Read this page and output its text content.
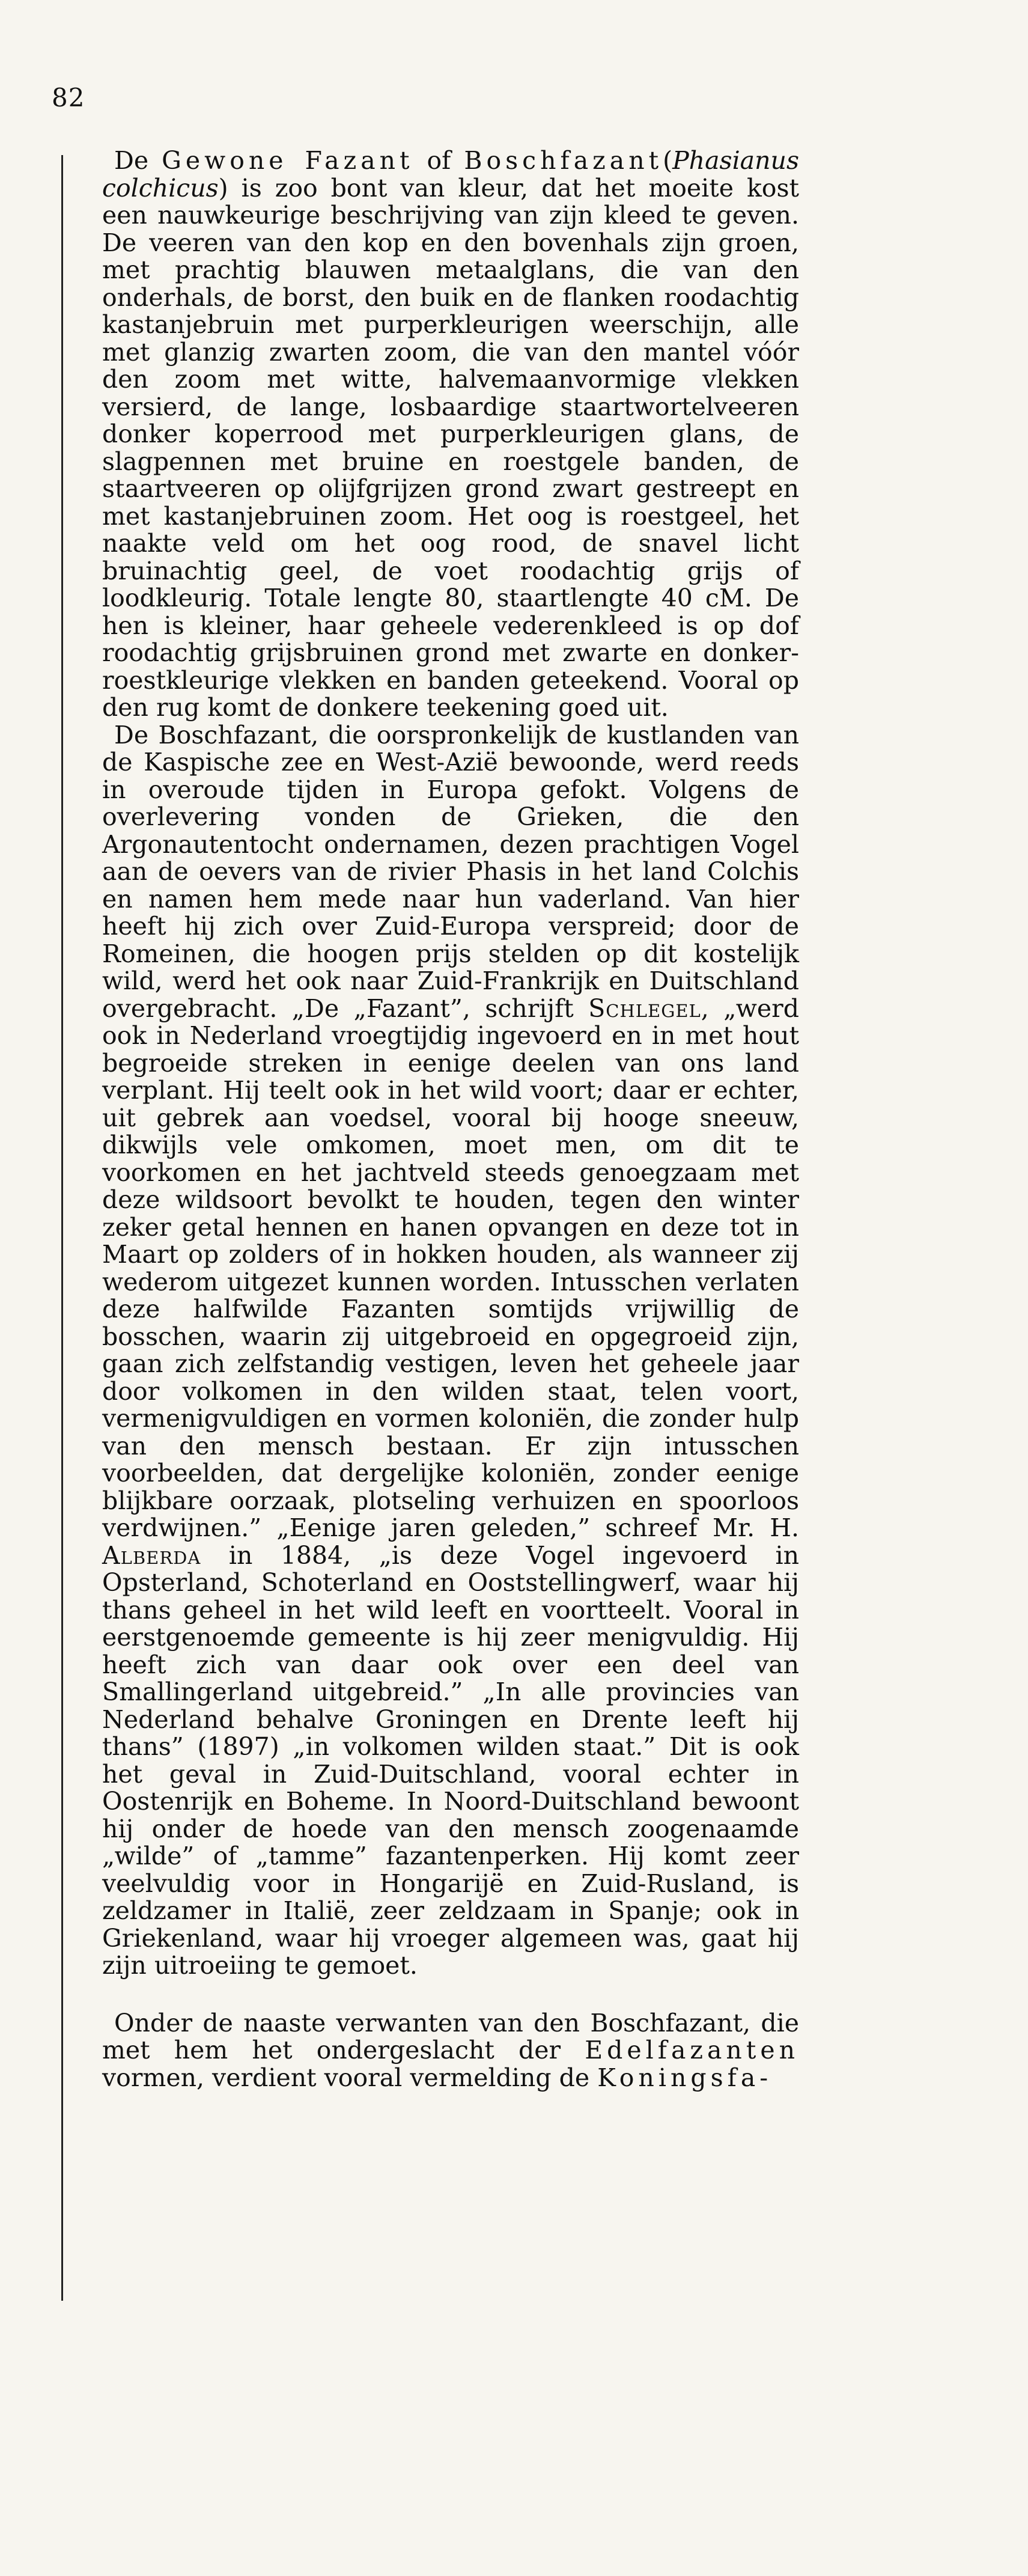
82

De Gewone Fazant of Boschfazant(Phasianus colchicus) is zoo bont van kleur, dat het moeite kost een nauwkeurige beschrijving van zijn kleed te geven. De veeren van den kop en den bovenhals zijn groen, met prachtig blauwen metaalglans, die van den onderhals, de borst, den buik en de flanken roodachtig kastanjebruin met purperkleurigen weerschijn, alle met glanzig zwarten zoom, die van den mantel vóór den zoom met witte, halvemaanvormige vlekken versierd, de lange, losbaardige staartwortelveeren donker koperrood met purperkleurigen glans, de slagpennen met bruine en roestgele banden, de staartveeren op olijfgrijzen grond zwart gestreept en met kastanjebruinen zoom. Het oog is roestgeel, het naakte veld om het oog rood, de snavel licht bruinachtig geel, de voet roodachtig grijs of loodkleurig. Totale lengte 80, staartlengte 40 cM. De hen is kleiner, haar geheele vederenkleed is op dof roodachtig grijsbruinen grond met zwarte en donker-roestkleurige vlekken en banden geteekend. Vooral op den rug komt de donkere teekening goed uit.

De Boschfazant, die oorspronkelijk de kustlanden van de Kaspische zee en West-Azië bewoonde, werd reeds in overoude tijden in Europa gefokt. Volgens de overlevering vonden de Grieken, die den Argonautentocht ondernamen, dezen prachtigen Vogel aan de oevers van de rivier Phasis in het land Colchis en namen hem mede naar hun vaderland. Van hier heeft hij zich over Zuid-Europa verspreid; door de Romeinen, die hoogen prijs stelden op dit kostelijk wild, werd het ook naar Zuid-Frankrijk en Duitschland overgebracht. „De „Fazant”, schrijft Schlegel, „werd ook in Nederland vroegtijdig ingevoerd en in met hout begroeide streken in eenige deelen van ons land verplant. Hij teelt ook in het wild voort; daar er echter, uit gebrek aan voedsel, vooral bij hooge sneeuw, dikwijls vele omkomen, moet men, om dit te voorkomen en het jachtveld steeds genoegzaam met deze wildsoort bevolkt te houden, tegen den winter zeker getal hennen en hanen opvangen en deze tot in Maart op zolders of in hokken houden, als wanneer zij wederom uitgezet kunnen worden. Intusschen verlaten deze halfwilde Fazanten somtijds vrijwillig de bosschen, waarin zij uitgebroeid en opgegroeid zijn, gaan zich zelfstandig vestigen, leven het geheele jaar door volkomen in den wilden staat, telen voort, vermenigvuldigen en vormen koloniën, die zonder hulp van den mensch bestaan. Er zijn intusschen voorbeelden, dat dergelijke koloniën, zonder eenige blijkbare oorzaak, plotseling verhuizen en spoorloos verdwijnen.” „Eenige jaren geleden,” schreef Mr. H. Alberda in 1884, „is deze Vogel ingevoerd in Opsterland, Schoterland en Ooststellingwerf, waar hij thans geheel in het wild leeft en voortteelt. Vooral in eerstgenoemde gemeente is hij zeer menigvuldig. Hij heeft zich van daar ook over een deel van Smallingerland uitgebreid.” „In alle provincies van Nederland behalve Groningen en Drente leeft hij thans” (1897) „in volkomen wilden staat.” Dit is ook het geval in Zuid-Duitschland, vooral echter in Oostenrijk en Boheme. In Noord-Duitschland bewoont hij onder de hoede van den mensch zoogenaamde „wilde” of „tamme” fazantenperken. Hij komt zeer veelvuldig voor in Hongarijë en Zuid-Rusland, is zeldzamer in Italië, zeer zeldzaam in Spanje; ook in Griekenland, waar hij vroeger algemeen was, gaat hij zijn uitroeiing te gemoet.

Onder de naaste verwanten van den Boschfazant, die met hem het ondergeslacht der Edelfazanten vormen, verdient vooral vermelding de Koningsfa-
